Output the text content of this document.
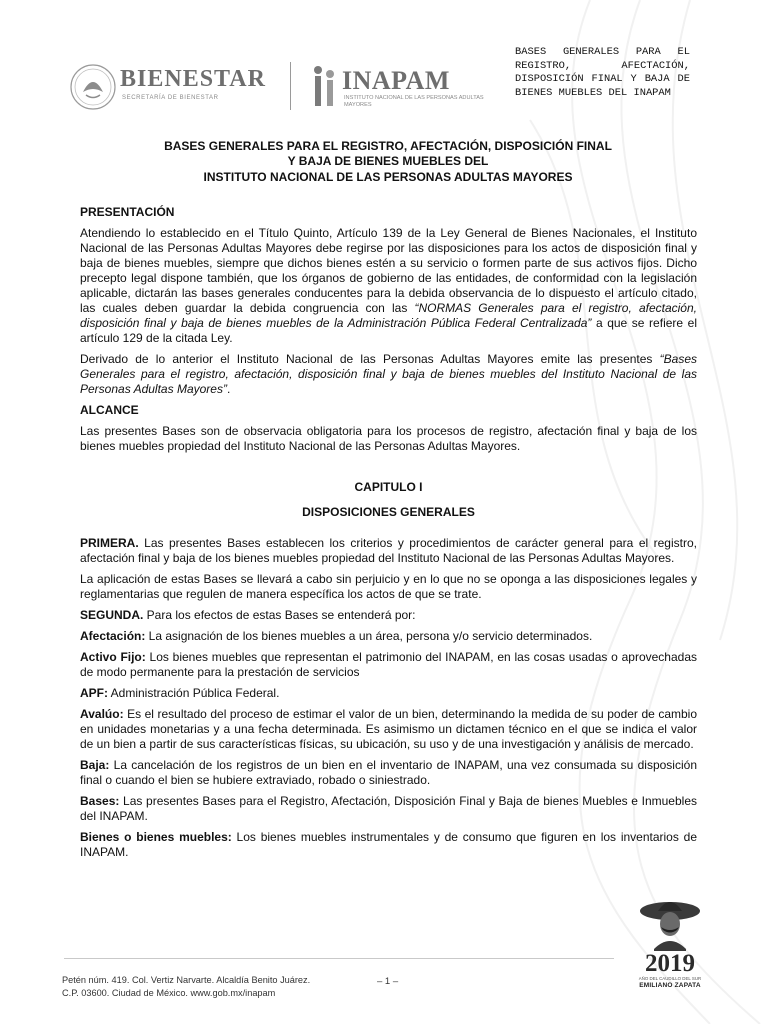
BIENESTAR
SECRETARÍA DE BIENESTAR
INAPAM
INSTITUTO NACIONAL DE LAS PERSONAS ADULTAS MAYORES
BASES GENERALES PARA EL REGISTRO, AFECTACIÓN, DISPOSICIÓN FINAL Y BAJA DE BIENES MUEBLES DEL INAPAM
BASES GENERALES PARA EL REGISTRO, AFECTACIÓN, DISPOSICIÓN FINAL
Y BAJA DE BIENES MUEBLES DEL
INSTITUTO NACIONAL DE LAS PERSONAS ADULTAS MAYORES

PRESENTACIÓN

Atendiendo lo establecido en el Título Quinto, Artículo 139 de la Ley General de Bienes Nacionales, el Instituto Nacional de las Personas Adultas Mayores debe regirse por las disposiciones para los actos de disposición final y baja de bienes muebles, siempre que dichos bienes estén a su servicio o formen parte de sus activos fijos. Dicho precepto legal dispone también, que los órganos de gobierno de las entidades, de conformidad con la legislación aplicable, dictarán las bases generales conducentes para la debida observancia de lo dispuesto el artículo citado, las cuales deben guardar la debida congruencia con las “NORMAS Generales para el registro, afectación, disposición final y baja de bienes muebles de la Administración Pública Federal Centralizada” a que se refiere el artículo 129 de la citada Ley.

Derivado de lo anterior el Instituto Nacional de las Personas Adultas Mayores emite las presentes “Bases Generales para el registro, afectación, disposición final y baja de bienes muebles del Instituto Nacional de las Personas Adultas Mayores”.

ALCANCE

Las presentes Bases son de observacia obligatoria para los procesos de registro, afectación final y baja de los bienes muebles propiedad del Instituto Nacional de las Personas Adultas Mayores.

CAPITULO I

DISPOSICIONES GENERALES

PRIMERA. Las presentes Bases establecen los criterios y procedimientos de carácter general para el registro, afectación final y baja de los bienes muebles propiedad del Instituto Nacional de las Personas Adultas Mayores.

La aplicación de estas Bases se llevará a cabo sin perjuicio y en lo que no se oponga a las disposiciones legales y reglamentarias que regulen de manera específica los actos de que se trate.

SEGUNDA. Para los efectos de estas Bases se entenderá por:

Afectación: La asignación de los bienes muebles a un área, persona y/o servicio determinados.

Activo Fijo: Los bienes muebles que representan el patrimonio del INAPAM, en las cosas usadas o aprovechadas de modo permanente para la prestación de servicios

APF: Administración Pública Federal.

Avalúo: Es el resultado del proceso de estimar el valor de un bien, determinando la medida de su poder de cambio en unidades monetarias y a una fecha determinada. Es asimismo un dictamen técnico en el que se indica el valor de un bien a partir de sus características físicas, su ubicación, su uso y de una investigación y análisis de mercado.

Baja: La cancelación de los registros de un bien en el inventario de INAPAM, una vez consumada su disposición final o cuando el bien se hubiere extraviado, robado o siniestrado.

Bases: Las presentes Bases para el Registro, Afectación, Disposición Final y Baja de bienes Muebles e Inmuebles del INAPAM.

Bienes o bienes muebles: Los bienes muebles instrumentales y de consumo que figuren en los inventarios de INAPAM.

Petén núm. 419. Col. Vertiz Narvarte. Alcaldía Benito Juárez.
C.P. 03600. Ciudad de México. www.gob.mx/inapam
– 1 –
2019
AÑO DEL CAUDILLO DEL SUR
EMILIANO ZAPATA
